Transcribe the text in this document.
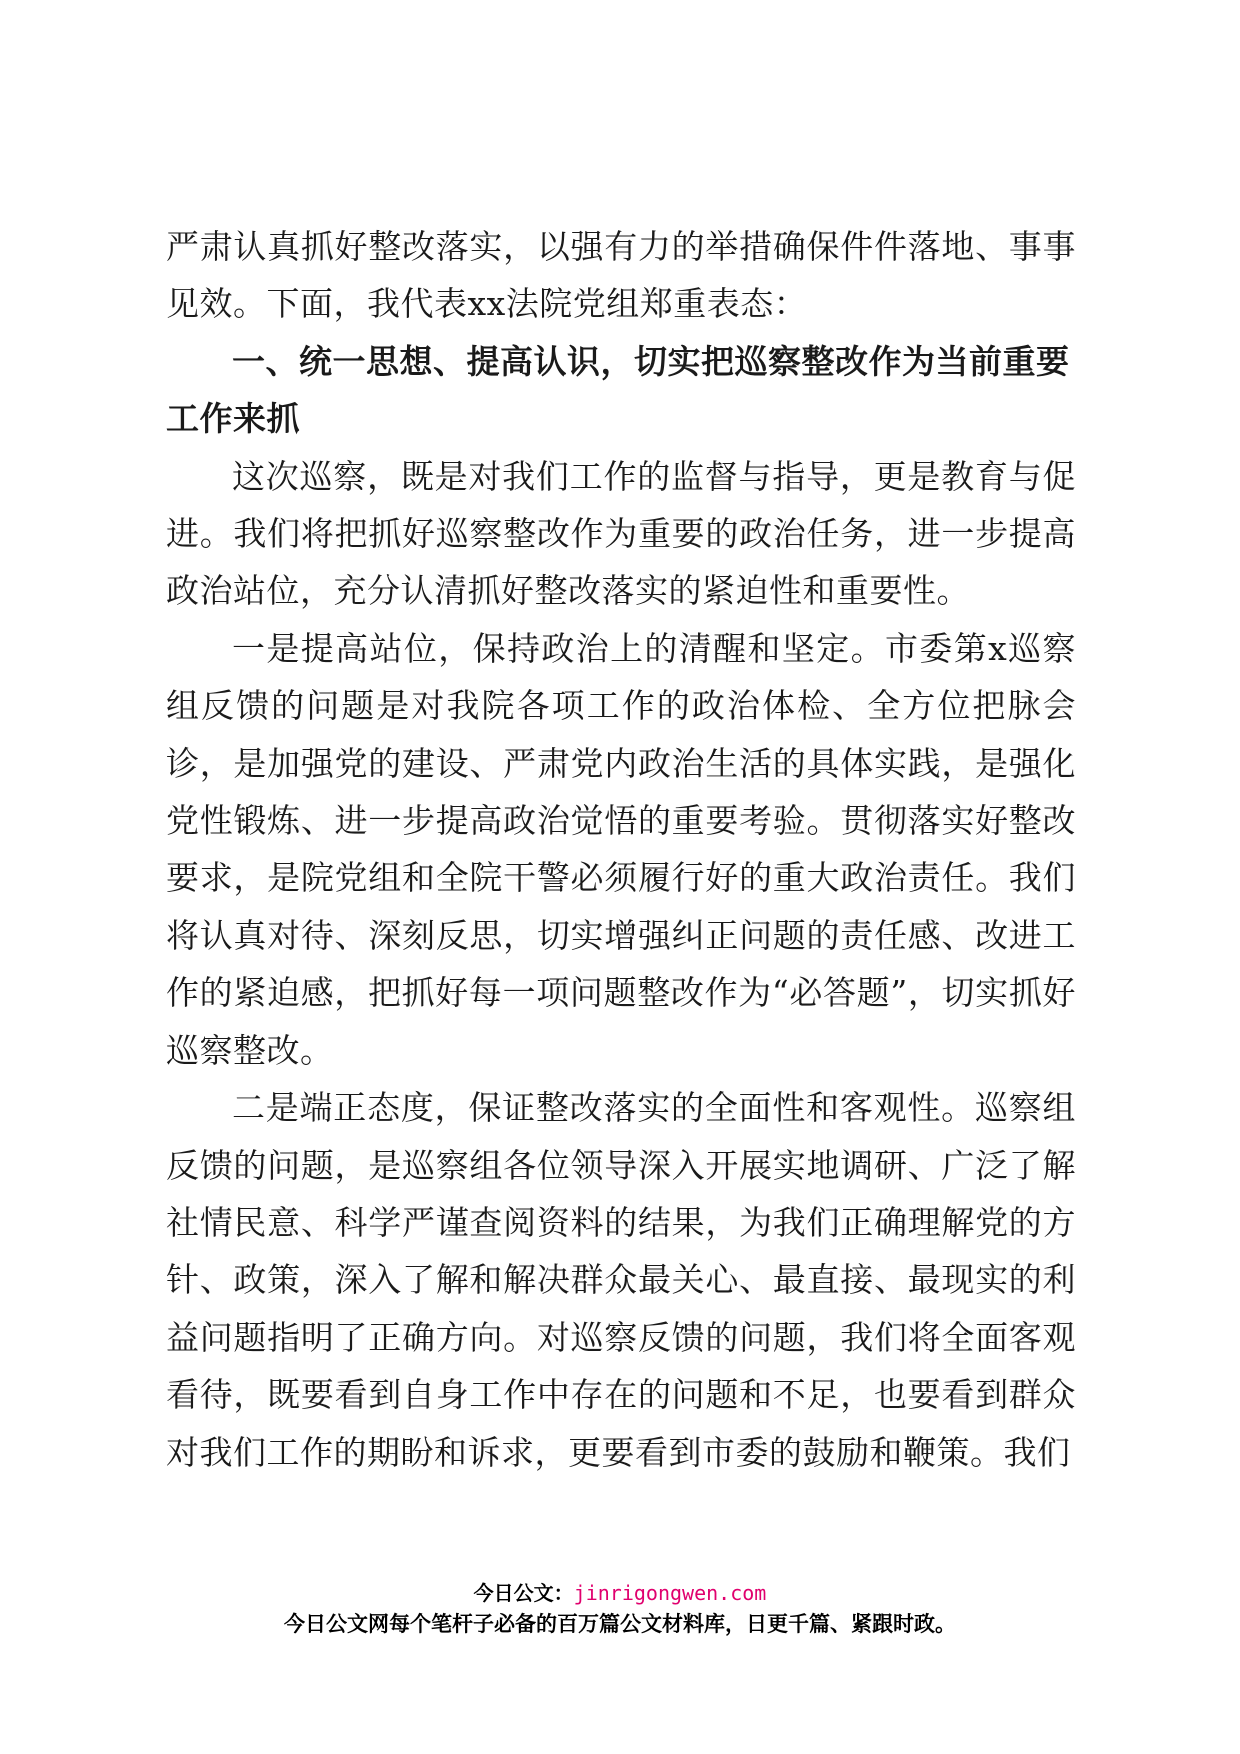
严肃认真抓好整改落实，以强有力的举措确保件件落地、事事见效。下面，我代表xx法院党组郑重表态：

一、统一思想、提高认识，切实把巡察整改作为当前重要工作来抓

这次巡察，既是对我们工作的监督与指导，更是教育与促进。我们将把抓好巡察整改作为重要的政治任务，进一步提高政治站位，充分认清抓好整改落实的紧迫性和重要性。

一是提高站位，保持政治上的清醒和坚定。市委第x巡察组反馈的问题是对我院各项工作的政治体检、全方位把脉会诊，是加强党的建设、严肃党内政治生活的具体实践，是强化党性锻炼、进一步提高政治觉悟的重要考验。贯彻落实好整改要求，是院党组和全院干警必须履行好的重大政治责任。我们将认真对待、深刻反思，切实增强纠正问题的责任感、改进工作的紧迫感，把抓好每一项问题整改作为“必答题”，切实抓好巡察整改。

二是端正态度，保证整改落实的全面性和客观性。巡察组反馈的问题，是巡察组各位领导深入开展实地调研、广泛了解社情民意、科学严谨查阅资料的结果，为我们正确理解党的方针、政策，深入了解和解决群众最关心、最直接、最现实的利益问题指明了正确方向。对巡察反馈的问题，我们将全面客观看待，既要看到自身工作中存在的问题和不足，也要看到群众对我们工作的期盼和诉求，更要看到市委的鼓励和鞭策。我们

今日公文：jinrigongwen.com
今日公文网每个笔杆子必备的百万篇公文材料库，日更千篇、紧跟时政。
